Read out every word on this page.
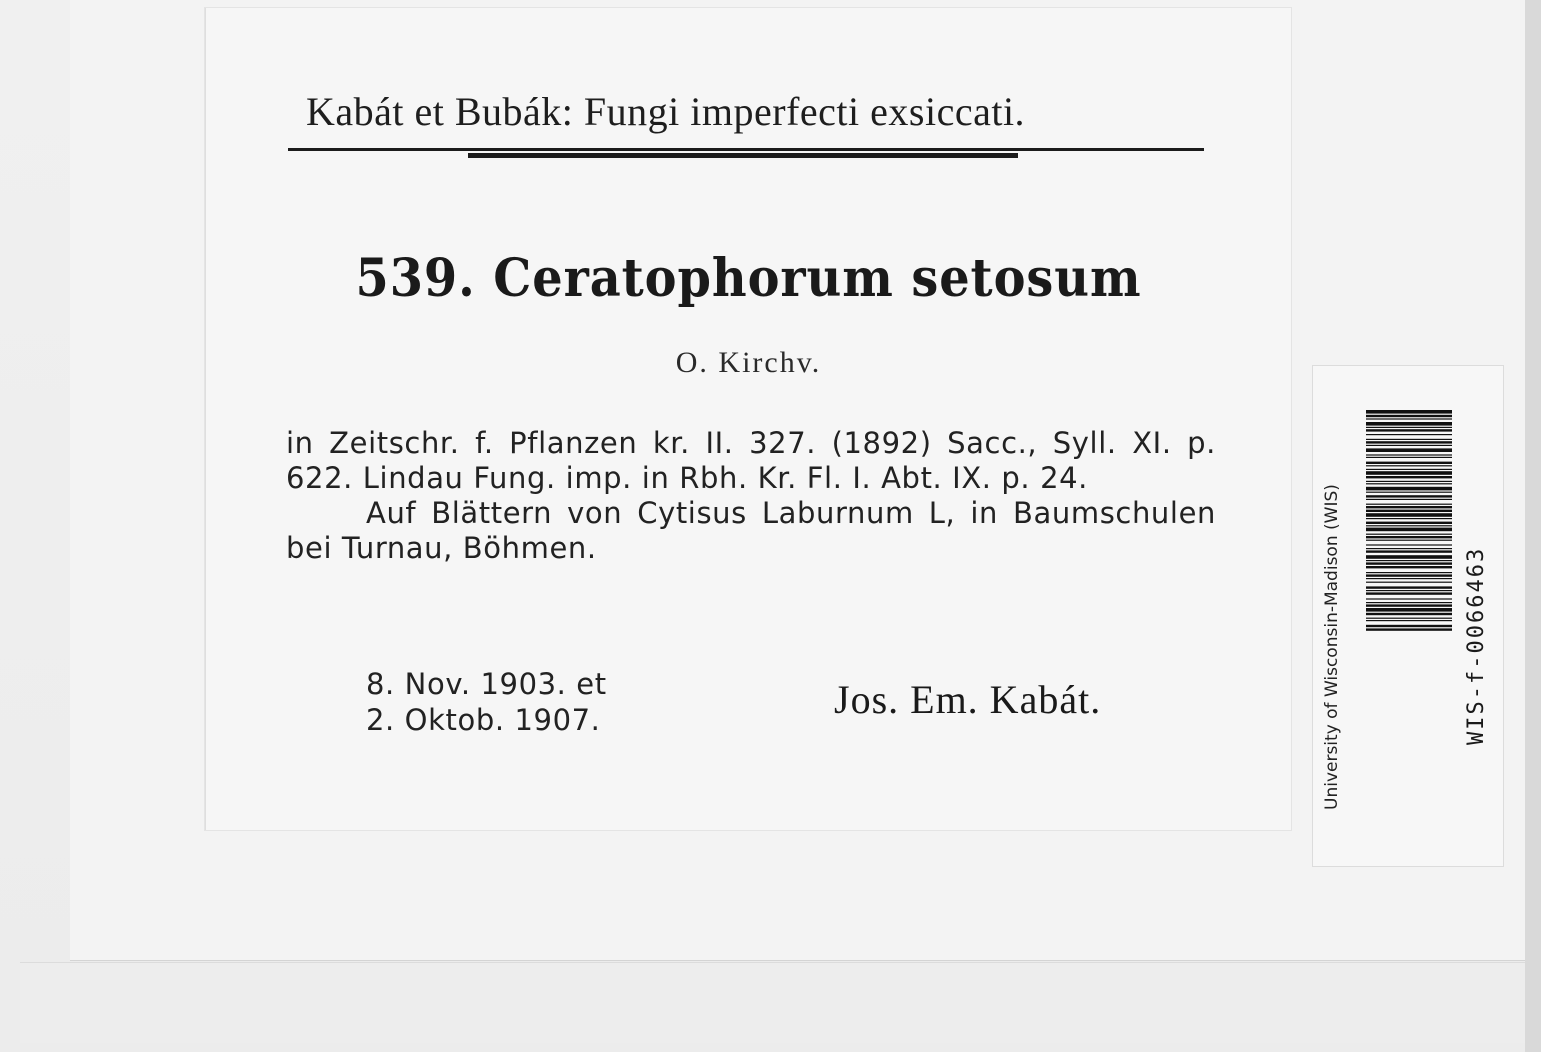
Kabát et Bubák: Fungi imperfecti exsiccati.
539. Ceratophorum setosum
O. Kirchv.

in Zeitschr. f. Pflanzen kr. II. 327. (1892) Sacc., Syll. XI. p. 622. Lindau Fung. imp. in Rbh. Kr. Fl. I. Abt. IX. p. 24.

Auf Blättern von Cytisus Laburnum L, in Baumschulen bei Turnau, Böhmen.

8. Nov. 1903. et
2. Oktob. 1907.	Jos. Em. Kabát.	University of Wisconsin-Madison (WIS)	WIS-f-0066463
